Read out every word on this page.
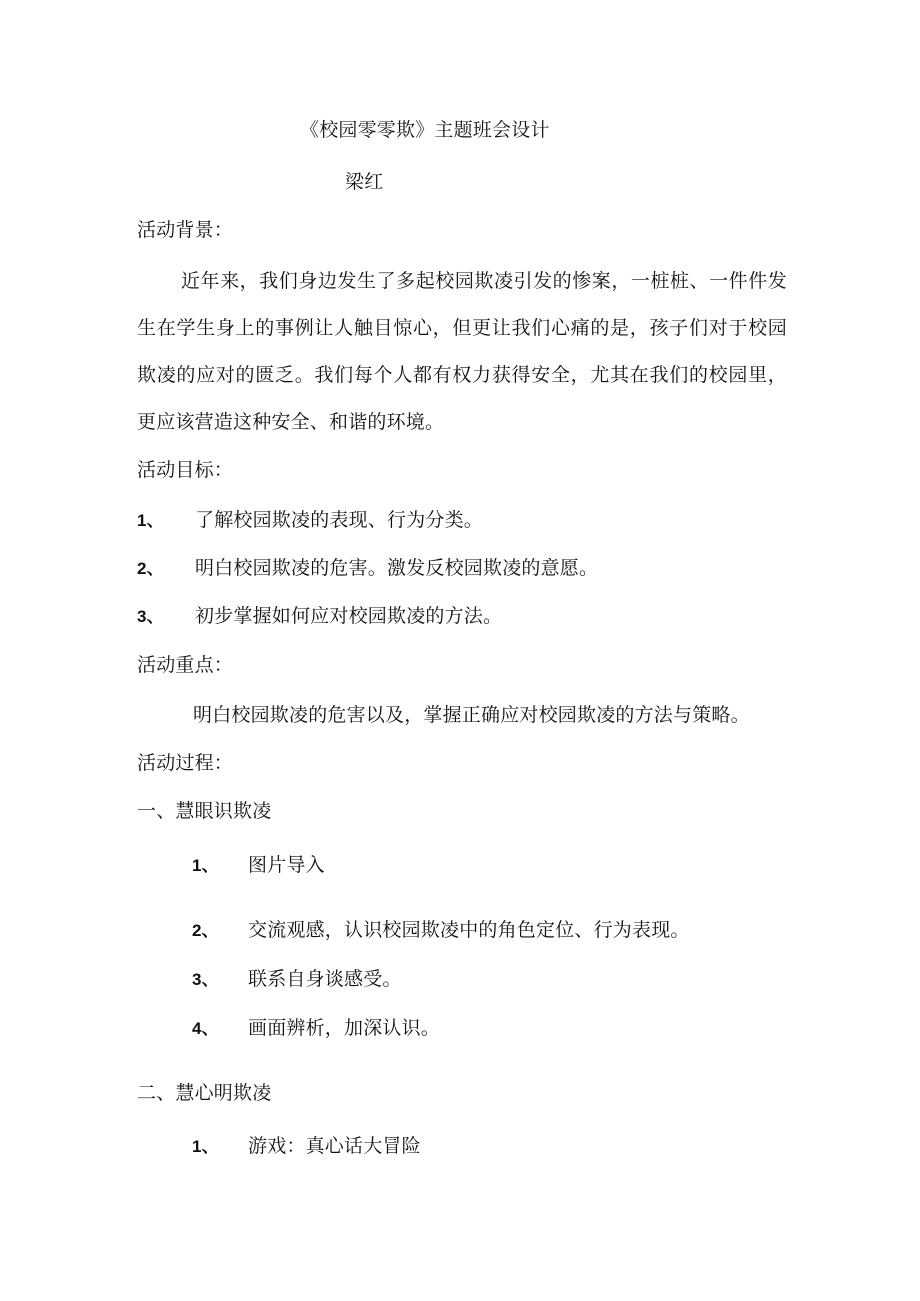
《校园零零欺》主题班会设计
梁红
活动背景：
近年来，我们身边发生了多起校园欺凌引发的惨案，一桩桩、一件件发生在学生身上的事例让人触目惊心，但更让我们心痛的是，孩子们对于校园欺凌的应对的匮乏。我们每个人都有权力获得安全，尤其在我们的校园里，更应该营造这种安全、和谐的环境。
活动目标：
1、 了解校园欺凌的表现、行为分类。
2、 明白校园欺凌的危害。激发反校园欺凌的意愿。
3、 初步掌握如何应对校园欺凌的方法。
活动重点：
明白校园欺凌的危害以及，掌握正确应对校园欺凌的方法与策略。
活动过程：
一、慧眼识欺凌
1、 图片导入
2、 交流观感，认识校园欺凌中的角色定位、行为表现。
3、 联系自身谈感受。
4、 画面辨析，加深认识。
二、慧心明欺凌
1、 游戏：真心话大冒险
